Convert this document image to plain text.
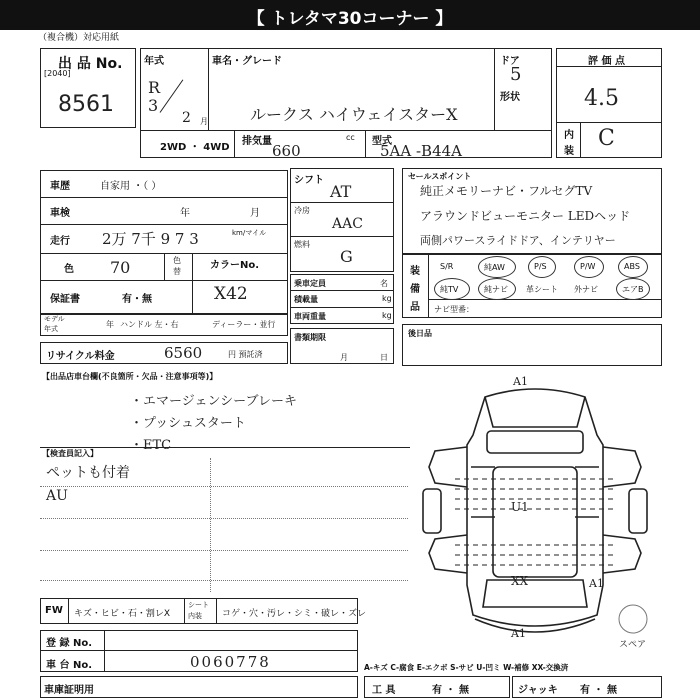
【 トレタマ30コーナー 】
（複合機）対応用紙
出 品 No.
[2040]
8561
年式
R
3
2 月
車名・グレード
ルークス ハイウェイスターX
ドア
5
形状
2WD ・ 4WD
排気量
660
cc 型式
5AA -B44A
評 価 点
4.5
内
装
C
車歴	自家用 ・（ ）
車検	年	月
走行 2万 7千 9 7 3	km/マイル
色 70	色
替
カラーNo.
X42
保証書	有・無
モデル
年式	年 ハンドル 左・右	ディーラー・並行
リサイクル料金	6560	円 預託済
シフト
AT
冷房
AAC
燃料
G
乗車定員	名
積載量	kg
車両重量	kg
書類期限
月	日
セールスポイント
純正メモリーナビ・フルセグTV
アラウンドビューモニター LEDヘッド
両側パワースライドドア、インテリヤー
装
備
品
S/R	純AW	P/S	P/W	ABS
純TV	純ナビ 革シート 外ナビ	エアB
ナビ型番：
後日品
【出品店車台欄(不良箇所・欠品・注意事項等)】
・エマージェンシーブレーキ
・プッシュスタート
・ETC
【検査員記入】
ペットも付着
AU
A1
U1
XX	A1
A1
スペア
FW キズ・ヒビ・石・割レX
シート
内装 コゲ・穴・汚レ・シミ・破レ・ズレ
登 録 No.
車 台 No.	0060778	A-キズ C-腐食 E-エクボ S-サビ U-凹ミ W-補修 XX-交換済
車庫証明用	工 具	有 ・ 無	ジャッキ 有 ・ 無
